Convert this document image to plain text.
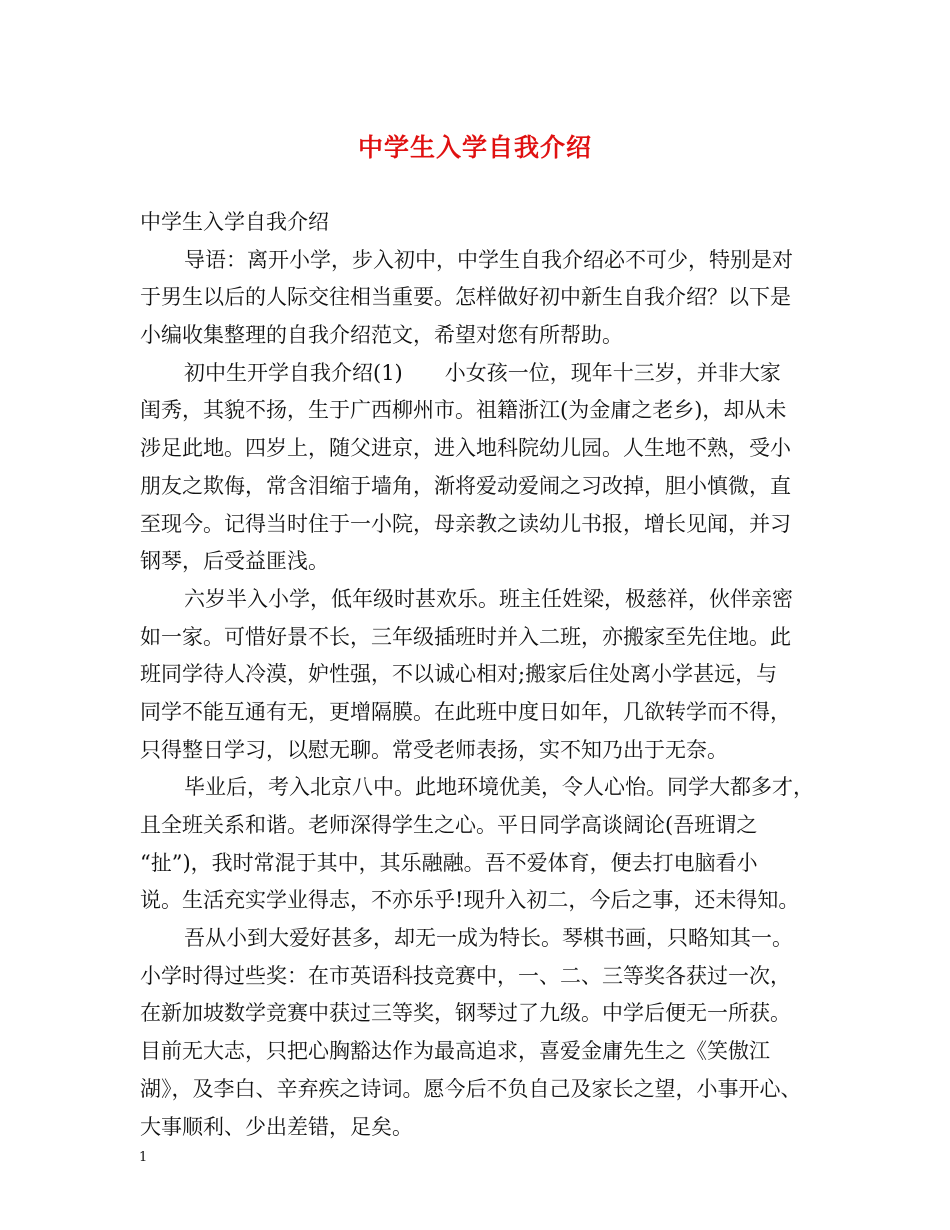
中学生入学自我介绍
中学生入学自我介绍
导语：离开小学，步入初中，中学生自我介绍必不可少，特别是对
于男生以后的人际交往相当重要。怎样做好初中新生自我介绍？以下是
小编收集整理的自我介绍范文，希望对您有所帮助。
初中生开学自我介绍(1)　　小女孩一位，现年十三岁，并非大家
闺秀，其貌不扬，生于广西柳州市。祖籍浙江(为金庸之老乡)，却从未
涉足此地。四岁上，随父进京，进入地科院幼儿园。人生地不熟，受小
朋友之欺侮，常含泪缩于墙角，渐将爱动爱闹之习改掉，胆小慎微，直
至现今。记得当时住于一小院，母亲教之读幼儿书报，增长见闻，并习
钢琴，后受益匪浅。
六岁半入小学，低年级时甚欢乐。班主任姓梁，极慈祥，伙伴亲密
如一家。可惜好景不长，三年级插班时并入二班，亦搬家至先住地。此
班同学待人冷漠，妒性强，不以诚心相对;搬家后住处离小学甚远，与
同学不能互通有无，更增隔膜。在此班中度日如年，几欲转学而不得，
只得整日学习，以慰无聊。常受老师表扬，实不知乃出于无奈。
毕业后，考入北京八中。此地环境优美，令人心怡。同学大都多才，
且全班关系和谐。老师深得学生之心。平日同学高谈阔论(吾班谓之
“扯”)，我时常混于其中，其乐融融。吾不爱体育，便去打电脑看小
说。生活充实学业得志，不亦乐乎!现升入初二，今后之事，还未得知。
吾从小到大爱好甚多，却无一成为特长。琴棋书画，只略知其一。
小学时得过些奖：在市英语科技竞赛中，一、二、三等奖各获过一次，
在新加坡数学竞赛中获过三等奖，钢琴过了九级。中学后便无一所获。
目前无大志，只把心胸豁达作为最高追求，喜爱金庸先生之《笑傲江
湖》，及李白、辛弃疾之诗词。愿今后不负自己及家长之望，小事开心、
大事顺利、少出差错，足矣。
1
